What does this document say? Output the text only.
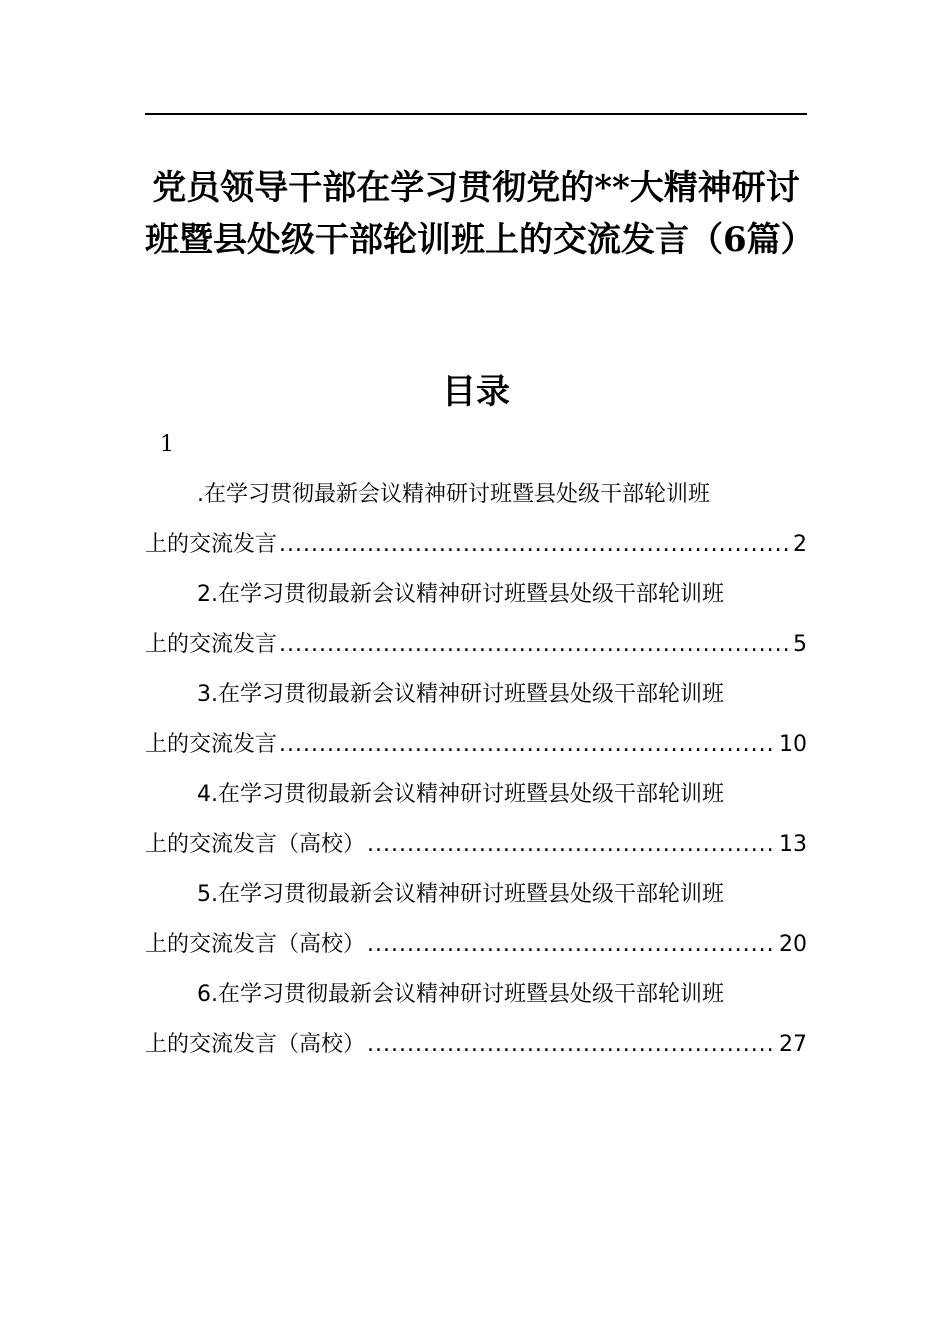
党员领导干部在学习贯彻党的**大精神研讨班暨县处级干部轮训班上的交流发言（6篇）
目录
1
.在学习贯彻最新会议精神研讨班暨县处级干部轮训班
上的交流发言 .....	2
2.在学习贯彻最新会议精神研讨班暨县处级干部轮训班
上的交流发言 .....	5
3.在学习贯彻最新会议精神研讨班暨县处级干部轮训班
上的交流发言 .....	10
4.在学习贯彻最新会议精神研讨班暨县处级干部轮训班
上的交流发言（高校） .....	13
5.在学习贯彻最新会议精神研讨班暨县处级干部轮训班
上的交流发言（高校） .....	20
6.在学习贯彻最新会议精神研讨班暨县处级干部轮训班
上的交流发言（高校） .....	27
